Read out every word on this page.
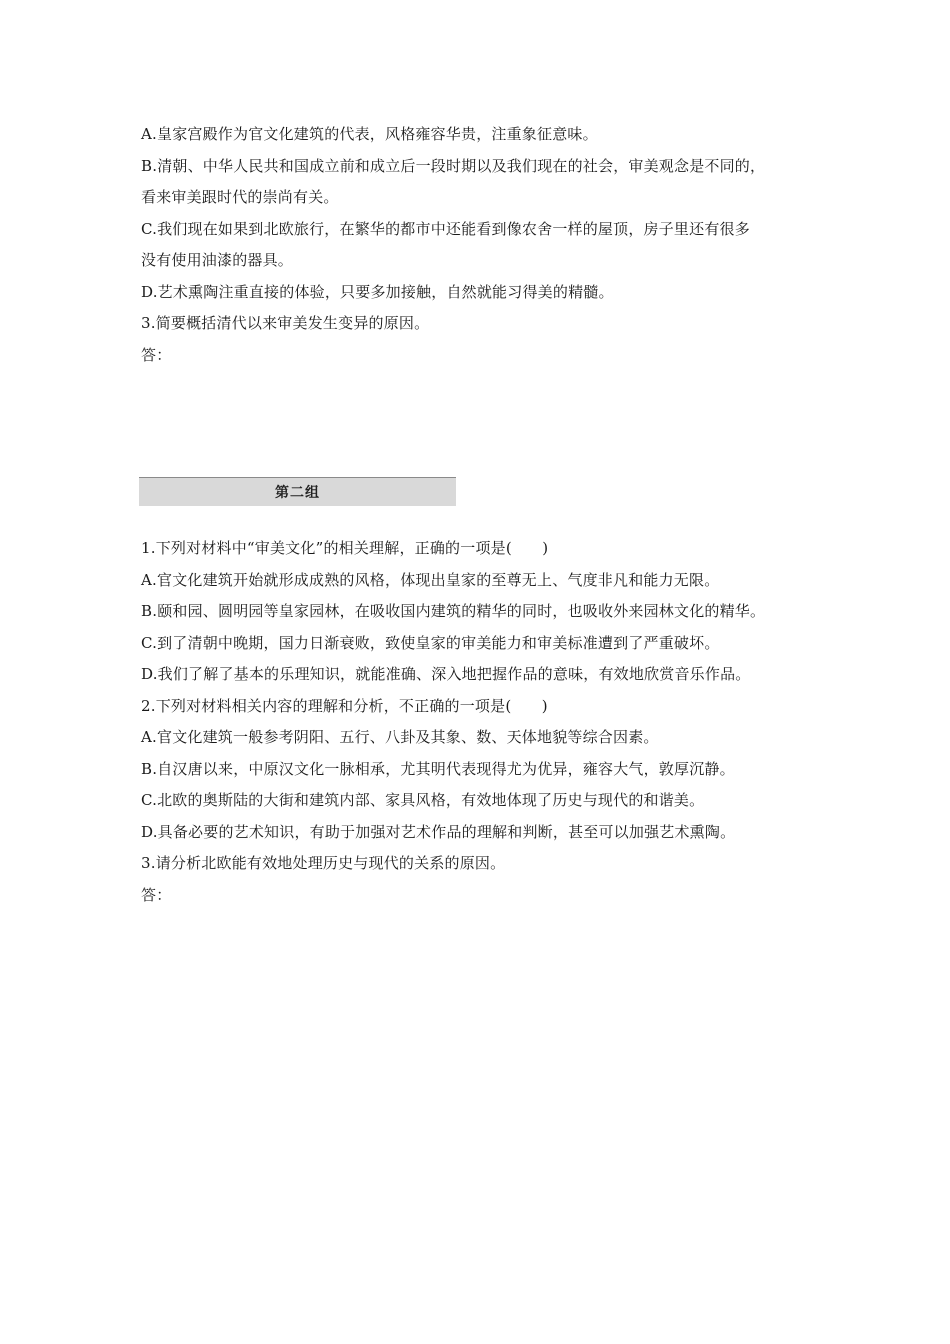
A.皇家宫殿作为官文化建筑的代表，风格雍容华贵，注重象征意味。
B.清朝、中华人民共和国成立前和成立后一段时期以及我们现在的社会，审美观念是不同的，
看来审美跟时代的崇尚有关。
C.我们现在如果到北欧旅行，在繁华的都市中还能看到像农舍一样的屋顶，房子里还有很多
没有使用油漆的器具。
D.艺术熏陶注重直接的体验，只要多加接触，自然就能习得美的精髓。
3.简要概括清代以来审美发生变异的原因。
答：
第二组
1.下列对材料中“审美文化”的相关理解，正确的一项是(　　)
A.官文化建筑开始就形成成熟的风格，体现出皇家的至尊无上、气度非凡和能力无限。
B.颐和园、圆明园等皇家园林，在吸收国内建筑的精华的同时，也吸收外来园林文化的精华。
C.到了清朝中晚期，国力日渐衰败，致使皇家的审美能力和审美标准遭到了严重破坏。
D.我们了解了基本的乐理知识，就能准确、深入地把握作品的意味，有效地欣赏音乐作品。
2.下列对材料相关内容的理解和分析，不正确的一项是(　　)
A.官文化建筑一般参考阴阳、五行、八卦及其象、数、天体地貌等综合因素。
B.自汉唐以来，中原汉文化一脉相承，尤其明代表现得尤为优异，雍容大气，敦厚沉静。
C.北欧的奥斯陆的大街和建筑内部、家具风格，有效地体现了历史与现代的和谐美。
D.具备必要的艺术知识，有助于加强对艺术作品的理解和判断，甚至可以加强艺术熏陶。
3.请分析北欧能有效地处理历史与现代的关系的原因。
答：
